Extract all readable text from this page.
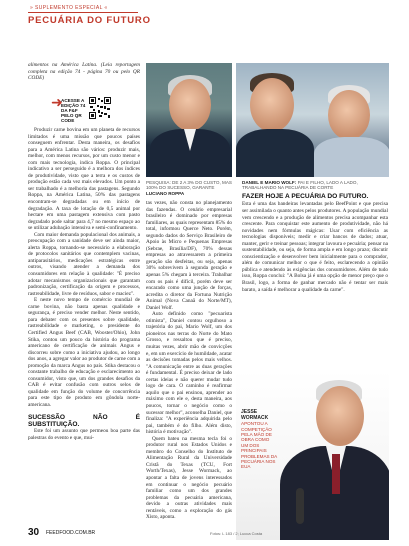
» SUPLEMENTO ESPECIAL «
PECUÁRIA DO FUTURO

alimentos na América Latina. (Leia reportagem completa na edição 74 - página 70 ou pelo QR CODE)

➜
ACESSE A EDIÇÃO 74 DA F&F PELO QR CODE

Produzir carne bovina em um planeta de recursos limitados é uma missão que poucos países conseguem enfrentar. Desta maneira, os desafios para a América Latina são vários: produzir mais, melhor, com menos recursos, por um custo menor e com mais tecnologia, indica Roppa. O principal indicativo a ser perseguido é a melhora dos índices de produtividade, visto que a terra e os custos de produção estão cada vez mais elevados. Um ponto a ser trabalhado é a melhoria das pastagens. Segundo Roppa, na América Latina, 50% das pastagens encontram-se degradadas ou em início de degradação. A taxa de lotação de 0,5 animal por hectare em uma pastagem extensiva com pasto degradado pode saltar para 4,7 no mesmo espaço ao se utilizar adubação intensiva e semi-confinamento.

Com maior demanda populacional dos animais, a preocupação com a sanidade deve ser ainda maior, alerta Roppa, tornando-se necessário a elaboração de protocolos sanitários que contemplem vacinas, antiparasitários, medicações estratégicas entre outros, visando atender a demanda dos consumidores em relação à qualidade: "É preciso adotar mecanismos organizacionais que garantam padronização, certificação da origem e processos, rastreabilidade, livre de resíduos, sabor e maciez".

E neste novo tempo de comércio mundial de carne bovina, não basta apenas qualidade e segurança, é preciso vender melhor. Neste sentido, para debater com os presentes sobre qualidade, rastreabilidade e marketing, o presidente do Certified Angus Beef (CAB, Wooster/Ohio), John Stika, contou um pouco da história do programa americano de certificação de animais Angus e discorreu sobre como a iniciativa ajudou, ao longo dos anos, a agregar valor ao produtor de carne com a promoção da marca Angus no país. Stika destacou o constante trabalho de educação e esclarecimento ao consumidor, visto que, um dos grandes desafios da CAB é evitar confusão com outros selos de qualidade em função do volume de concorrência para este tipo de produto em gôndola norte-americana.

SUCESSÃO NÃO É SUBSTITUIÇÃO.

Este foi um assunto que permeou boa parte das palestras do evento e que, mui-

PESQUISA: DE 2 A 3% DO CUSTO, MAS 100% DO SUCESSO, GARANTE LUCIANO ROPPA
DANIEL E MARIO WOLF: PAI E FILHO, LADO A LADO, TRABALHANDO NA PECUÁRIA DE CORTE

tas vezes, não consta no planejamento das fazendas. O cenário empresarial brasileiro é dominado por empresas familiares, as quais representam 85% do total, informou Querce Neto. Porém, segundo dados do Serviço Brasileiro de Apoio às Micro e Pequenas Empresas (Sebrae, Brasília/DF), 70% dessas empresas ao atravessarem a primeira geração são desfeitas, ou seja, apenas 30% sobrevivem à segunda geração e apenas 5% chegam à terceira. Trabalhar com os pais é difícil, porém deve ser encarado como uma junção de forças, acredita o diretor da Fortuna Nutrição Animal (Nova Canaã do Norte/MT), Daniel Wolf.

Auto definido como "pecuarista otimista", Daniel contou orgulhoso a trajetória do pai, Mario Wolf, um dos pioneiros nas terras do Norte do Mato Grosso, e ressaltou que é preciso, muitas vezes, abrir mão de convicções e, em um exercício de humildade, acatar as decisões tomadas pelos mais velhos. "A comunicação entre as duas gerações é fundamental. É preciso deixar de lado certas ideias e não querer mudar tudo logo de cara. O caminho é reafirmar aquilo que o pai ensinou, aprender ao máximo com ele e, desta maneira, aos poucos, tornar o negócio como o sucessor melhor", aconselha Daniel, que finaliza: "A experiência adquirida pelo pai, também é do filho. Além disto, história é motivação".

Quem bateu na mesma tecla foi o produtor rural nos Estados Unidos e membro do Conselho do Instituto de Alimentação Rural da Universidade Cristã do Texas (TCU, Fort Worth/Texas), Jesse Wormack, ao apontar a falta de jovens interessados em continuar o negócio pecuário familiar como um dos grandes problemas da pecuária americana, devido a outras atividades mais rentáveis, como a exploração do gás Xisto, aponta.

FAZER HOJE A PECUÁRIA DO FUTURO.

Esta é uma das bandeiras levantadas pelo BeefPoint e que precisa ser assimilada o quanto antes pelos produtores. A população mundial vem crescendo e a produção de alimentos precisa acompanhar esta crescente. Para conquistar este aumento de produtividade, não há novidades nem fórmulas mágicas: Usar com eficiência as tecnologias disponíveis; medir e criar bancos de dados; atuar, manter, gerir e treinar pessoas; integrar lavoura e pecuária; pensar na sustentabilidade, ou seja, de forma ampla e em longo prazo; discutir conscientização e desenvolver bem inicialmente para o comprador, além de comunicar melhor o que é feito, esclarecendo a opinião pública e atendendo às exigências dos consumidores. Além de tudo isso, Roppa conclui: "A Bolsa já é uma opção de menor preço que o Brasil, logo, a forma de ganhar mercado não é tentar ser mais barato, a saída é melhorar a qualidade da carne".

JESSE WORMACK
APONTOU A COMPETIÇÃO PELA MÃO DE OBRA COMO UM DOS PRINCIPAIS PROBLEMAS DA PECUÁRIA NOS EUA
30 FEEDFOOD.COM.BR	Fotos: L 183 / 2; Lucca Costa
